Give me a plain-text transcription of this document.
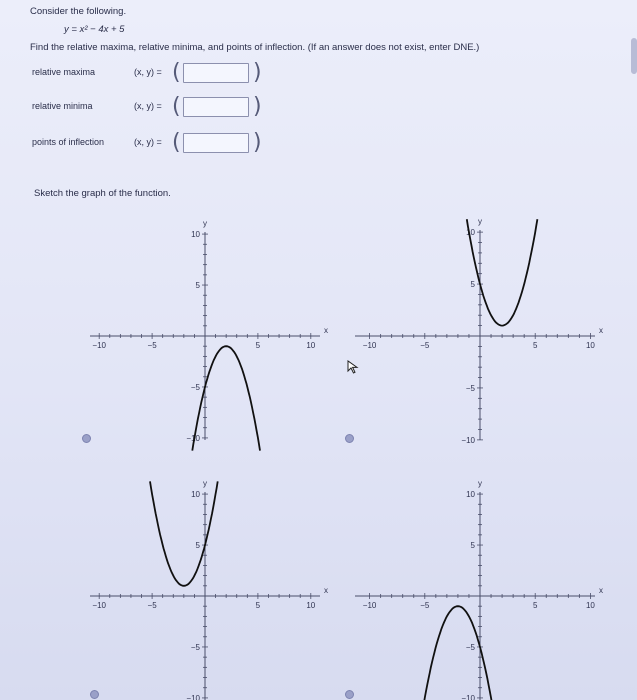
Consider the following.
y = x² − 4x + 5
Find the relative maxima, relative minima, and points of inflection. (If an answer does not exist, enter DNE.)
relative maxima	(x, y) = (	)
relative minima	(x, y) = (	)
points of inflection	(x, y) = (	)
Sketch the graph of the function.
−10
−10
−5
−5
5
5
10
10
x
y
−10
−10
−5
−5
5
5
10
10
x
y
−10
−10
−5
−5
5
5
10
10
x
y
−10
−10
−5
−5
5
5
10
10
x
y
